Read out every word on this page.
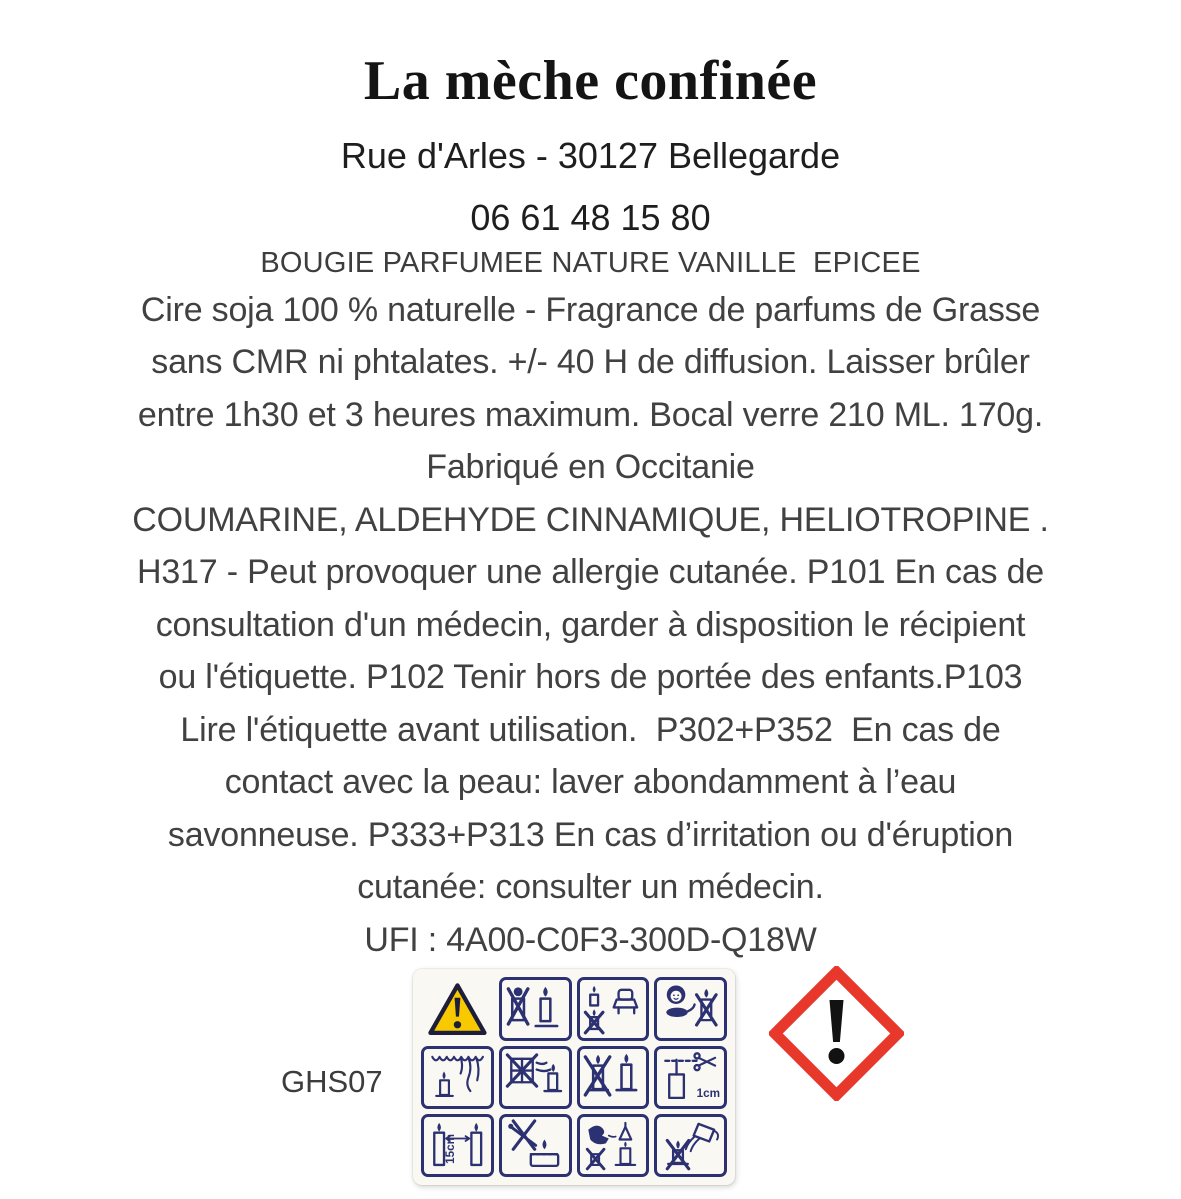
La mèche confinée
Rue d'Arles - 30127 Bellegarde
06 61 48 15 80
BOUGIE PARFUMEE NATURE VANILLE  EPICEE
Cire soja 100 % naturelle - Fragrance de parfums de Grasse
sans CMR ni phtalates. +/- 40 H de diffusion. Laisser brûler
entre 1h30 et 3 heures maximum. Bocal verre 210 ML. 170g.
Fabriqué en Occitanie
COUMARINE, ALDEHYDE CINNAMIQUE, HELIOTROPINE .
H317 - Peut provoquer une allergie cutanée. P101 En cas de
consultation d'un médecin, garder à disposition le récipient
ou l'étiquette. P102 Tenir hors de portée des enfants.P103
Lire l'étiquette avant utilisation.  P302+P352  En cas de
contact avec la peau: laver abondamment à l’eau
savonneuse. P333+P313 En cas d’irritation ou d'éruption
cutanée: consulter un médecin.
UFI : 4A00-C0F3-300D-Q18W
GHS07	1cm
15cm
